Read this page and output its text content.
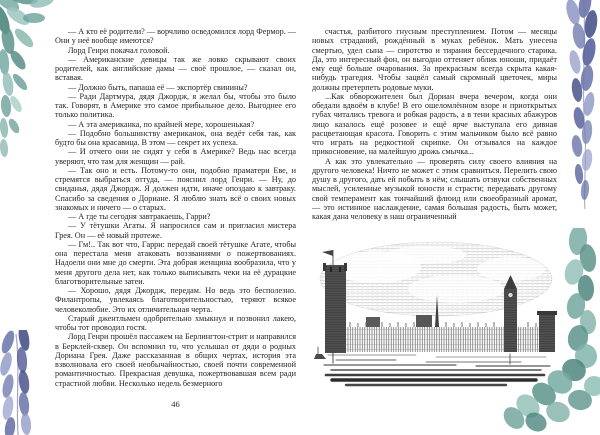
— А кто её родители? — ворчливо осведомился лорд Фермор. — Они у неё вообще имеются?

Лорд Генри покачал головой.

— Американские девицы так же ловко скрывают своих родителей, как английские дамы — своё прошлое, — сказал он, вставая.

— Должно быть, папаша её — экспортёр свинины?

— Ради Дартмура, дядя Джордж, я желал бы, чтобы это было так. Говорят, в Америке это самое прибыльное дело. Выгоднее его только политика.

— А эта американка, по крайней мере, хорошенькая?

— Подобно большинству американок, она ведёт себя так, как будто бы она красавица. В этом — секрет их успеха.

— И отчего они не сидят у себя в Америке? Ведь нас всегда уверяют, что там для женщин — рай.

— Так оно и есть. Потому-то они, подобно праматери Еве, и стремятся выбраться оттуда, — пояснил лорд Генри. — Ну, до свиданья, дядя Джордж. Я должен идти, иначе опоздаю к завтраку. Спасибо за сведения о Дориане. Я люблю знать всё о своих новых знакомых и ничего — о старых.

— А где ты сегодня завтракаешь, Гарри?

— У тётушки Агаты. Я напросился сам и пригласил мистера Грея. Он — её новый протеже.

— Гм!.. Так вот что, Гарри: передай своей тётушке Агате, чтобы она перестала меня атаковать воззваниями о пожертвованиях. Надоели они мне до смерти. Эта добрая женщина вообразила, что у меня другого дела нет, как только выписывать чеки на её дурацкие благотворительные затеи.

— Хорошо, дядя Джордж, передам. Но ведь это бесполезно. Филантропы, увлекаясь благотворительностью, теряют всякое человеколюбие. Это их отличительная черта.

Старый джентльмен одобрительно хмыкнул и позвонил лакею, чтобы тот проводил гостя.

Лорд Генри прошёл пассажем на Берлингтон-стрит и направился в Берклей-сквер. Он вспомнил то, что услышал от дяди о родных Дориана Грея. Даже рассказанная в общих чертах, история эта взволновала его своей необычайностью, своей почти современной романтичностью. Прекрасная девушка, пожертвовавшая всем ради страстной любви. Несколько недель безмерного

46

счастья, разбитого гнусным преступлением. Потом — месяцы новых страданий, рождённый в муках ребёнок. Мать унесена смертью, удел сына — сиротство и тирания бессердечного старика. Да, это интересный фон, он выгодно оттеняет облик юноши, придаёт ему ещё больше очарования. За прекрасным всегда скрыта какая-нибудь трагедия. Чтобы зацвёл самый скромный цветочек, миры должны претерпеть родовые муки.

...Как обворожителен был Дориан вчера вечером, когда они обедали вдвоём в клубе! В его ошеломлённом взоре и приоткрытых губах читались тревога и робкая радость, а в тени красных абажуров лицо казалось ещё розовее и ещё ярче выступала его дивная расцветающая красота. Говорить с этим мальчиком было всё равно что играть на редкостной скрипке. Он отзывался на каждое прикосновение, на малейшую дрожь смычка...

А как это увлекательно — проверять силу своего влияния на другого человека! Ничто не может с этим сравниться. Перелить свою душу в другого, дать ей побыть в нём; слышать отзвуки собственных мыслей, усиленные музыкой юности и страсти; передавать другому свой темперамент как тончайший флюид или своеобразный аромат, — это истинное наслаждение, самая большая радость, быть может, какая дана человеку в наш ограниченный
